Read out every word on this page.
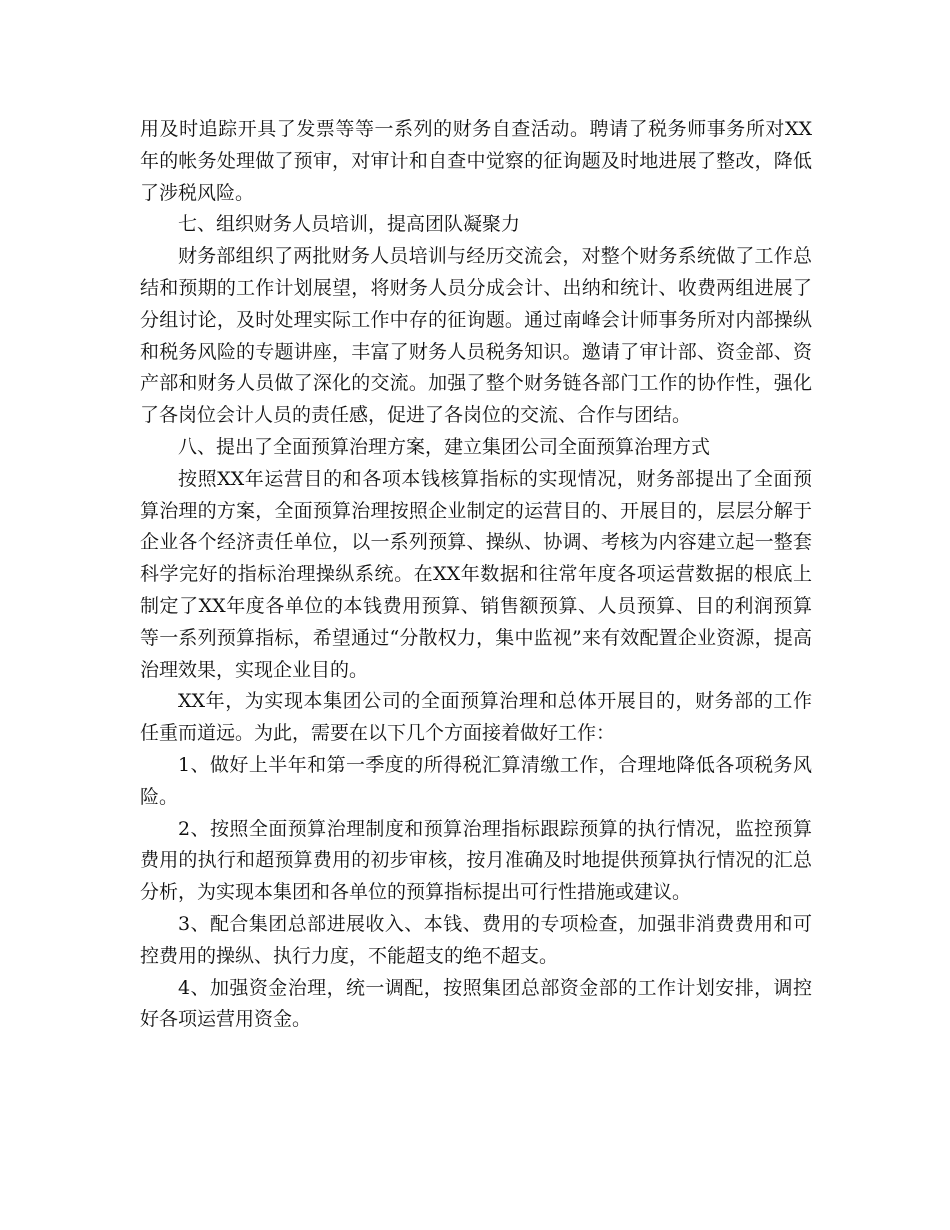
用及时追踪开具了发票等等一系列的财务自查活动。聘请了税务师事务所对XX年的帐务处理做了预审，对审计和自查中觉察的征询题及时地进展了整改，降低了涉税风险。

七、组织财务人员培训，提高团队凝聚力

财务部组织了两批财务人员培训与经历交流会，对整个财务系统做了工作总结和预期的工作计划展望，将财务人员分成会计、出纳和统计、收费两组进展了分组讨论，及时处理实际工作中存的征询题。通过南峰会计师事务所对内部操纵和税务风险的专题讲座，丰富了财务人员税务知识。邀请了审计部、资金部、资产部和财务人员做了深化的交流。加强了整个财务链各部门工作的协作性，强化了各岗位会计人员的责任感，促进了各岗位的交流、合作与团结。

八、提出了全面预算治理方案，建立集团公司全面预算治理方式

按照XX年运营目的和各项本钱核算指标的实现情况，财务部提出了全面预算治理的方案，全面预算治理按照企业制定的运营目的、开展目的，层层分解于企业各个经济责任单位，以一系列预算、操纵、协调、考核为内容建立起一整套科学完好的指标治理操纵系统。在XX年数据和往常年度各项运营数据的根底上制定了XX年度各单位的本钱费用预算、销售额预算、人员预算、目的利润预算等一系列预算指标，希望通过“分散权力，集中监视”来有效配置企业资源，提高治理效果，实现企业目的。

XX年，为实现本集团公司的全面预算治理和总体开展目的，财务部的工作任重而道远。为此，需要在以下几个方面接着做好工作：

1、做好上半年和第一季度的所得税汇算清缴工作，合理地降低各项税务风险。

2、按照全面预算治理制度和预算治理指标跟踪预算的执行情况，监控预算费用的执行和超预算费用的初步审核，按月准确及时地提供预算执行情况的汇总分析，为实现本集团和各单位的预算指标提出可行性措施或建议。

3、配合集团总部进展收入、本钱、费用的专项检查，加强非消费费用和可控费用的操纵、执行力度，不能超支的绝不超支。

4、加强资金治理，统一调配，按照集团总部资金部的工作计划安排，调控好各项运营用资金。
